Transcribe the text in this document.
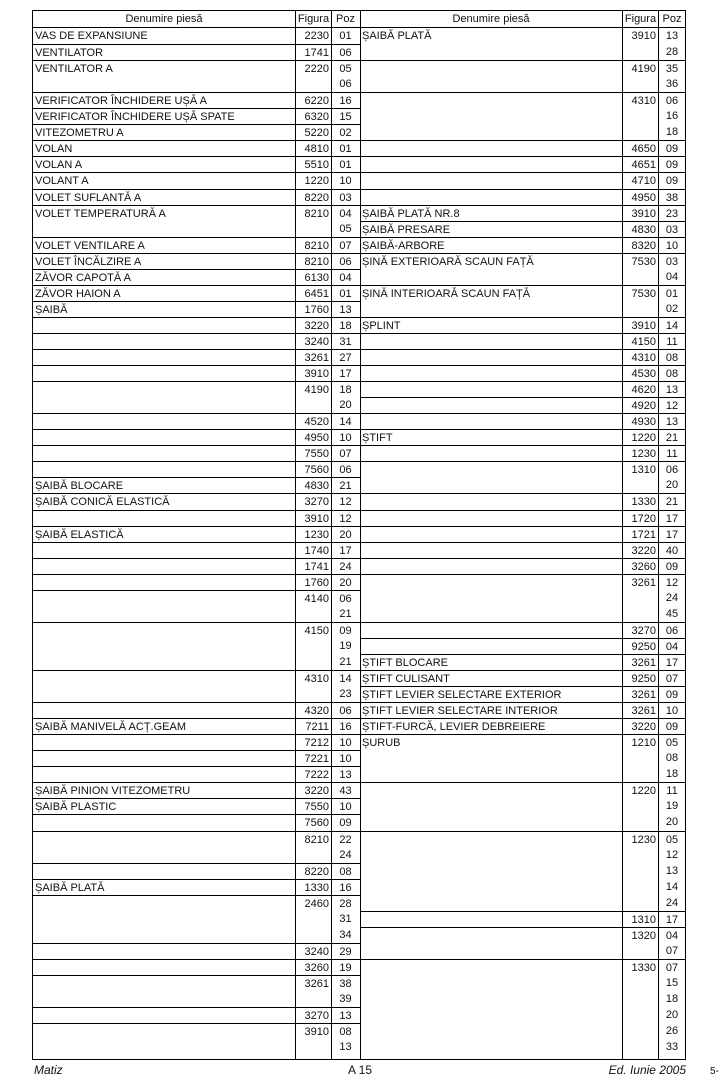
Denumire piesă	Figura Poz
VAS DE EXPANSIUNE	2230 01
VENTILATOR	1741 06
VENTILATOR A	2220 05
06
VERIFICATOR ÎNCHIDERE UȘĂ A	6220 16
VERIFICATOR ÎNCHIDERE UȘĂ SPATE	6320 15
VITEZOMETRU A	5220 02
VOLAN	4810 01
VOLAN A	5510 01
VOLANT A	1220 10
VOLET SUFLANTĂ A	8220 03
VOLET TEMPERATURĂ A	8210 04
05
VOLET VENTILARE A	8210 07
VOLET ÎNCĂLZIRE A	8210 06
ZĂVOR CAPOTĂ A	6130 04
ZĂVOR HAION A	6451 01
ȘAIBĂ	1760 13
3220 18
3240 31
3261 27
3910 17
4190 18
20
4520 14
4950 10
7550 07
7560 06
ȘAIBĂ BLOCARE	4830 21
ȘAIBĂ CONICĂ ELASTICĂ	3270 12
3910 12
ȘAIBĂ ELASTICĂ	1230 20
1740 17
1741 24
1760 20
4140 06
21
4150 09
19
21
4310 14
23
4320 06
ȘAIBĂ MANIVELĂ ACȚ.GEAM	7211 16
7212 10
7221 10
7222 13
ȘAIBĂ PINION VITEZOMETRU	3220 43
ȘAIBĂ PLASTIC	7550 10
7560 09
8210 22
24
8220 08
ȘAIBĂ PLATĂ	1330 16
2460 28
31
34
3240 29
3260 19
3261 38
39
3270 13
3910 08
13
Denumire piesă	Figura Poz
ȘAIBĂ PLATĂ	3910 13
28
4190 35
36
4310 06
16
18
4650 09
4651 09
4710 09
4950 38
ȘAIBĂ PLATĂ NR.8	3910 23
ȘAIBĂ PRESARE	4830 03
ȘAIBĂ-ARBORE	8320 10
ȘINĂ EXTERIOARĂ SCAUN FAȚĂ	7530 03
04
ȘINĂ INTERIOARĂ SCAUN FAȚĂ	7530 01
02
ȘPLINT	3910 14
4150 11
4310 08
4530 08
4620 13
4920 12
4930 13
ȘTIFT	1220 21
1230 11
1310 06
20
1330 21
1720 17
1721 17
3220 40
3260 09
3261 12
24
45
3270 06
9250 04
ȘTIFT BLOCARE	3261 17
ȘTIFT CULISANT	9250 07
ȘTIFT LEVIER SELECTARE EXTERIOR	3261 09
ȘTIFT LEVIER SELECTARE INTERIOR	3261 10
ȘTIFT-FURCĂ, LEVIER DEBREIERE	3220 09
ȘURUB	1210 05
08
18
1220 11
19
20
1230 05
12
13
14
24
1310 17
1320 04
07
1330 07
15
18
20
26
33
Matiz	A 15	Ed. Iunie 2005 5-
